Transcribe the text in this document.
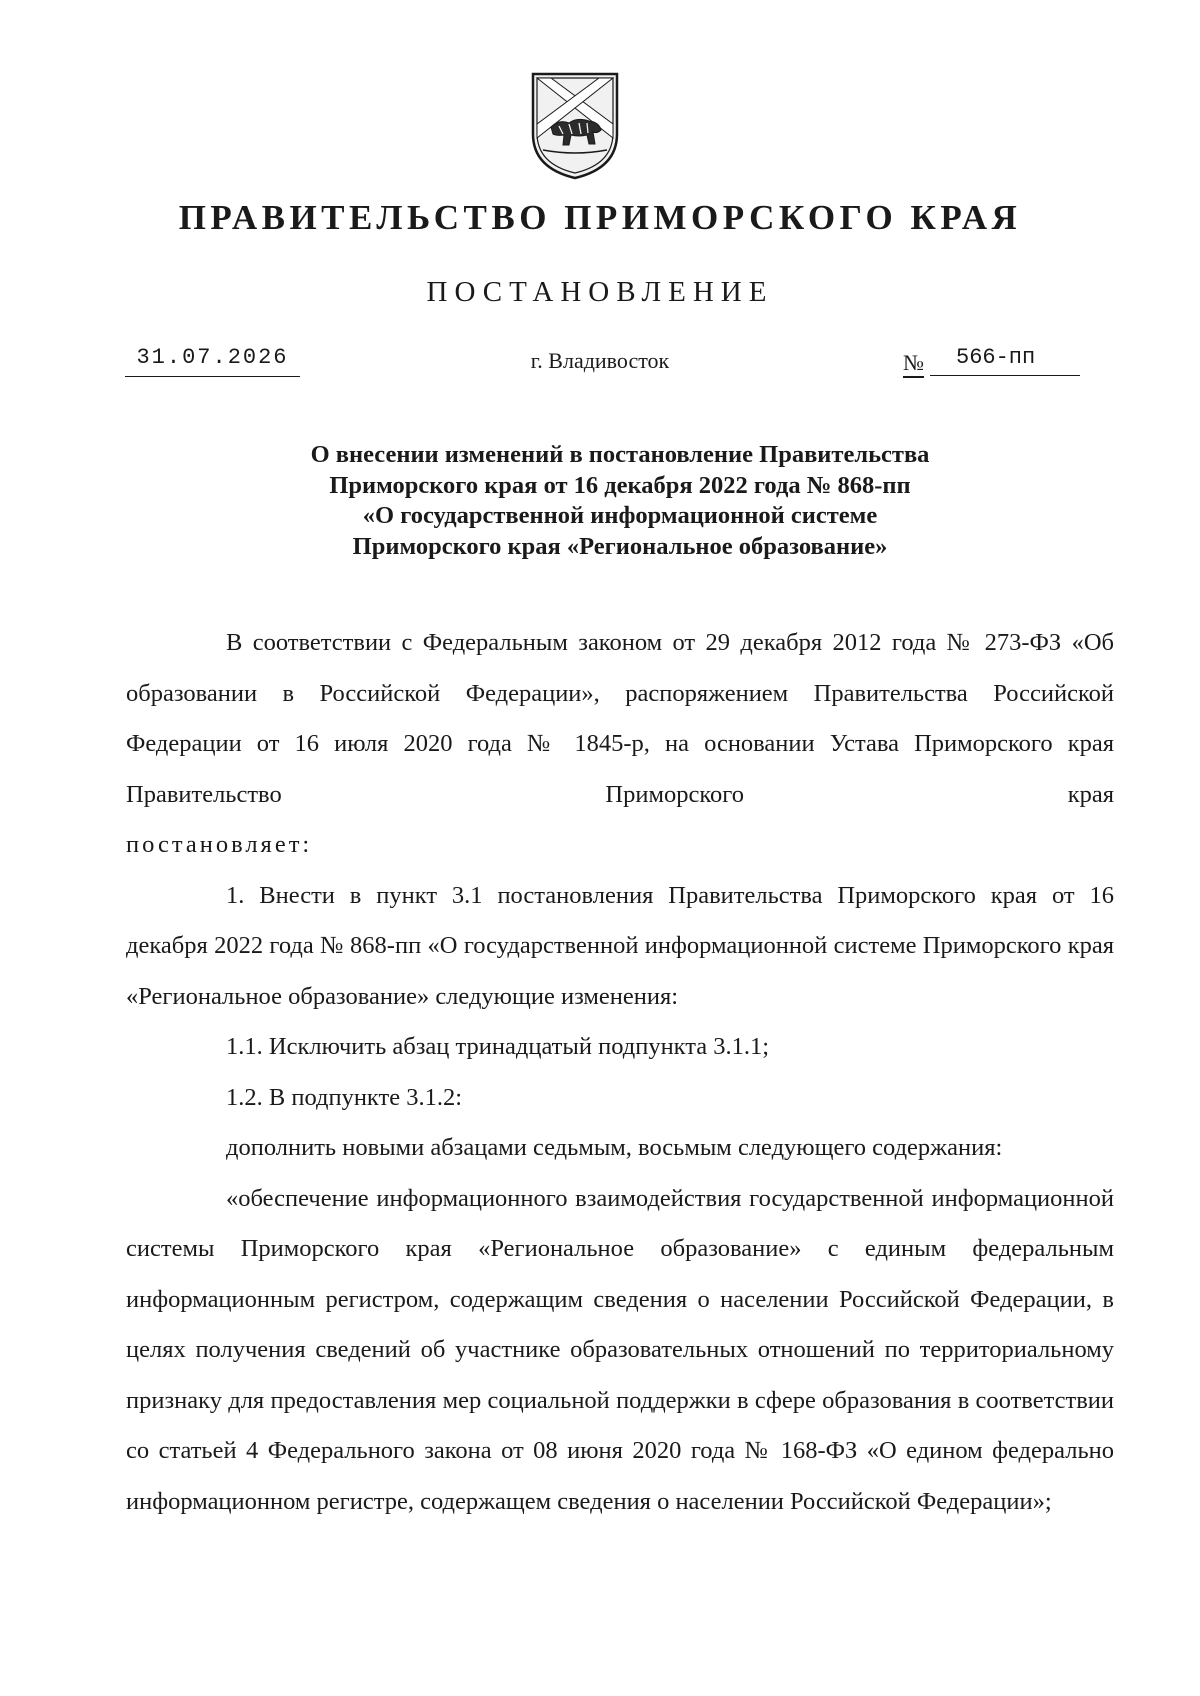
ПРАВИТЕЛЬСТВО ПРИМОРСКОГО КРАЯ
ПОСТАНОВЛЕНИЕ
31.07.2026	г. Владивосток	№	566-пп
О внесении изменений в постановление Правительства
Приморского края от 16 декабря 2022 года № 868-пп
«О государственной информационной системе
Приморского края «Региональное образование»

В соответствии с Федеральным законом от 29 декабря 2012 года № 273-ФЗ «Об образовании в Российской Федерации», распоряжением Правительства Российской Федерации от 16 июля 2020 года № 1845-р, на основании Устава Приморского края Правительство Приморского края

постановляет:

1. Внести в пункт 3.1 постановления Правительства Приморского края от 16 декабря 2022 года № 868-пп «О государственной информационной системе Приморского края «Региональное образование» следующие изменения:

1.1. Исключить абзац тринадцатый подпункта 3.1.1;

1.2. В подпункте 3.1.2:

дополнить новыми абзацами седьмым, восьмым следующего содержания:

«обеспечение информационного взаимодействия государственной информационной системы Приморского края «Региональное образование» с единым федеральным информационным регистром, содержащим сведения о населении Российской Федерации, в целях получения сведений об участнике образовательных отношений по территориальному признаку для предоставления мер социальной поддержки в сфере образования в соответствии со статьей 4 Федерального закона от 08 июня 2020 года № 168-ФЗ «О едином федерально информационном регистре, содержащем сведения о населении Российской Федерации»;
